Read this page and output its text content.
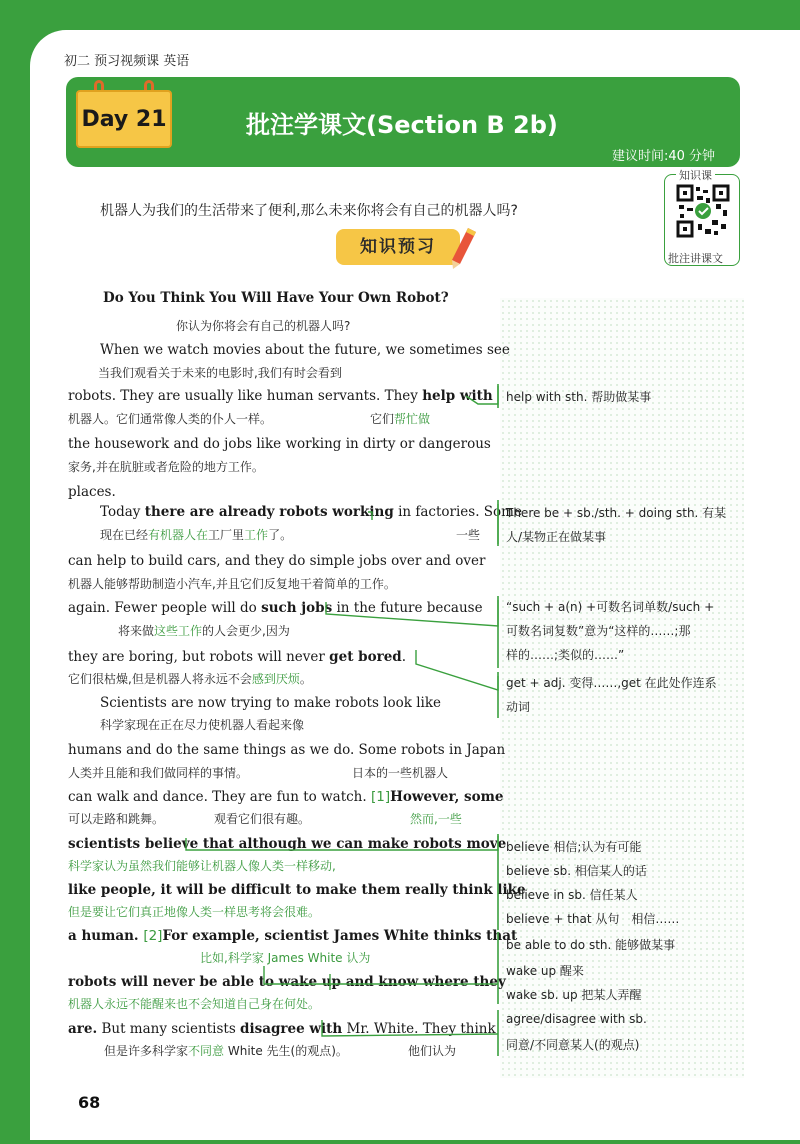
初二 预习视频课 英语
Day 21	批注学课文(Section B 2b)
建议时间:40 分钟
知识课
批注讲课文
机器人为我们的生活带来了便利,那么未来你将会有自己的机器人吗?
知识预习
Do You Think You Will Have Your Own Robot?
你认为你将会有自己的机器人吗?
When we watch movies about the future, we sometimes see
当我们观看关于未来的电影时,我们有时会看到
robots. They are usually like human servants. They help with
机器人。它们通常像人类的仆人一样。	它们帮忙做
the housework and do jobs like working in dirty or dangerous
家务,并在肮脏或者危险的地方工作。
places.
Today there are already robots working in factories. Some
现在已经有机器人在工厂里工作了。	一些
can help to build cars, and they do simple jobs over and over
机器人能够帮助制造小汽车,并且它们反复地干着简单的工作。
again. Fewer people will do such jobs in the future because
将来做这些工作的人会更少,因为
they are boring, but robots will never get bored.
它们很枯燥,但是机器人将永远不会感到厌烦。
Scientists are now trying to make robots look like
科学家现在正在尽力使机器人看起来像
humans and do the same things as we do. Some robots in Japan
人类并且能和我们做同样的事情。	日本的一些机器人
can walk and dance. They are fun to watch. [1]However, some
可以走路和跳舞。	观看它们很有趣。	然而,一些
scientists believe that although we can make robots move
科学家认为虽然我们能够让机器人像人类一样移动,
like people, it will be difficult to make them really think like
但是要让它们真正地像人类一样思考将会很难。
a human. [2]For example, scientist James White thinks that
比如,科学家 James White 认为
robots will never be able to wake up and know where they
机器人永远不能醒来也不会知道自己身在何处。
are. But many scientists disagree with Mr. White. They think
但是许多科学家不同意 White 先生(的观点)。	他们认为
help with sth. 帮助做某事
There be + sb./sth. + doing sth. 有某
人/某物正在做某事
“such + a(n) +可数名词单数/such +
可数名词复数”意为“这样的……;那
样的……;类似的……”
get + adj. 变得……,get 在此处作连系
动词
believe 相信;认为有可能
believe sb. 相信某人的话
believe in sb. 信任某人
believe + that 从句　相信……
be able to do sth. 能够做某事
wake up 醒来
wake sb. up 把某人弄醒
agree/disagree with sb.
同意/不同意某人(的观点)
68
